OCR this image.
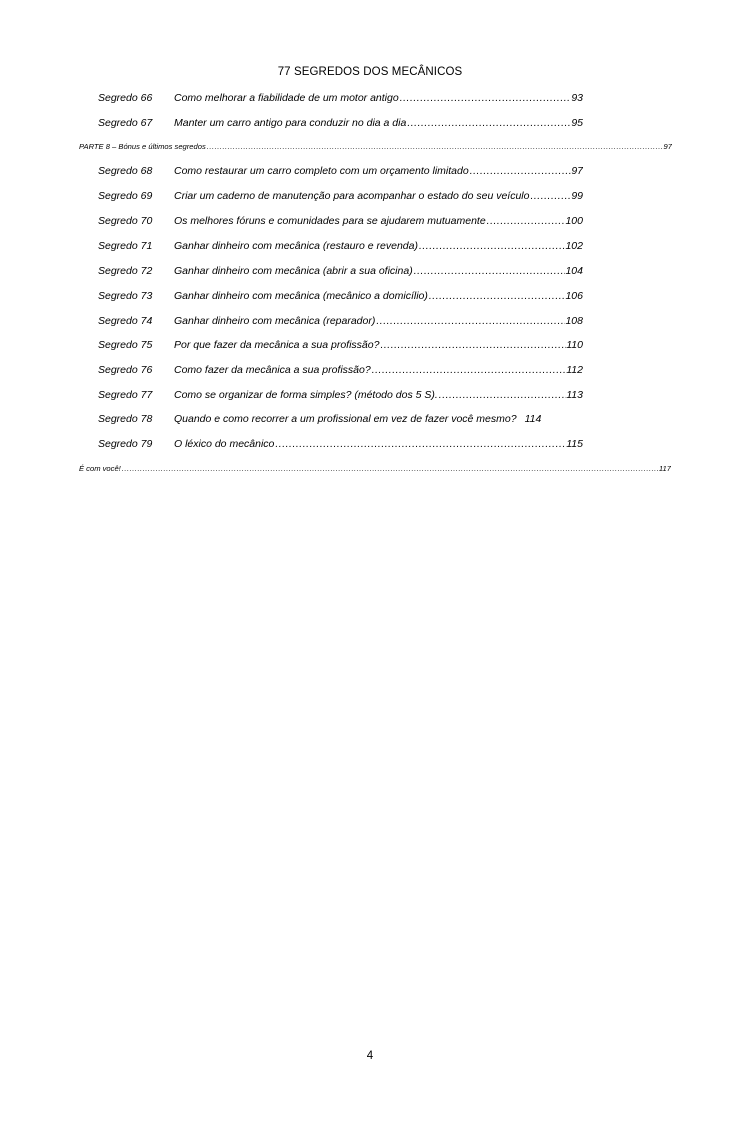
77 SEGREDOS DOS MECÂNICOS
Segredo 66	Como melhorar a fiabilidade de um motor antigo .....	93
Segredo 67	Manter um carro antigo para conduzir no dia a dia .....	95
PARTE 8 – Bónus e últimos segredos .....	97
Segredo 68	Como restaurar um carro completo com um orçamento limitado .....	97
Segredo 69	Criar um caderno de manutenção para acompanhar o estado do seu veículo .....	99
Segredo 70	Os melhores fóruns e comunidades para se ajudarem mutuamente .....	100
Segredo 71	Ganhar dinheiro com mecânica (restauro e revenda) .....	102
Segredo 72	Ganhar dinheiro com mecânica (abrir a sua oficina) .....	104
Segredo 73	Ganhar dinheiro com mecânica (mecânico a domicílio) .....	106
Segredo 74	Ganhar dinheiro com mecânica (reparador) .....	108
Segredo 75	Por que fazer da mecânica a sua profissão? .....	110
Segredo 76	Como fazer da mecânica a sua profissão? .....	112
Segredo 77	Como se organizar de forma simples? (método dos 5 S). .....	113
Segredo 78	Quando e como recorrer a um profissional em vez de fazer você mesmo? 114
Segredo 79	O léxico do mecânico .....	115
É com você! .....	117
4
